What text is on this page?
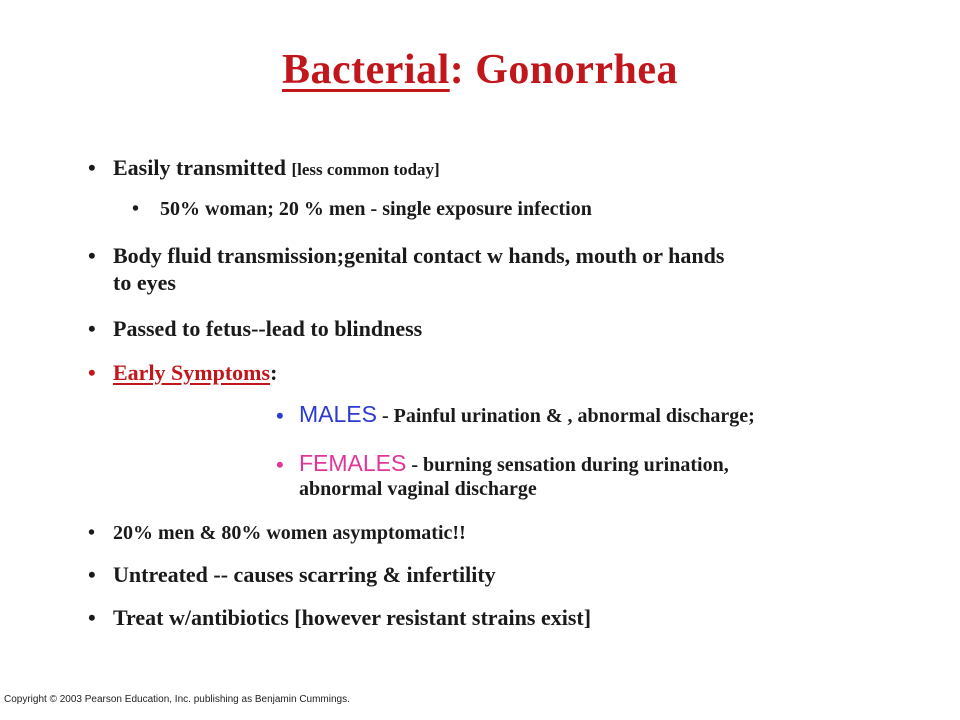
Bacterial: Gonorrhea
• Easily transmitted [less common today]
• 50% woman; 20 % men - single exposure infection
• Body fluid transmission;genital contact w hands, mouth or hands
to eyes
• Passed to fetus--lead to blindness
• Early Symptoms:
• MALES - Painful urination & , abnormal discharge;
• FEMALES - burning sensation during urination,
abnormal vaginal discharge
• 20% men & 80% women asymptomatic!!
• Untreated -- causes scarring & infertility
• Treat w/antibiotics [however resistant strains exist]
Copyright © 2003 Pearson Education, Inc. publishing as Benjamin Cummings.
